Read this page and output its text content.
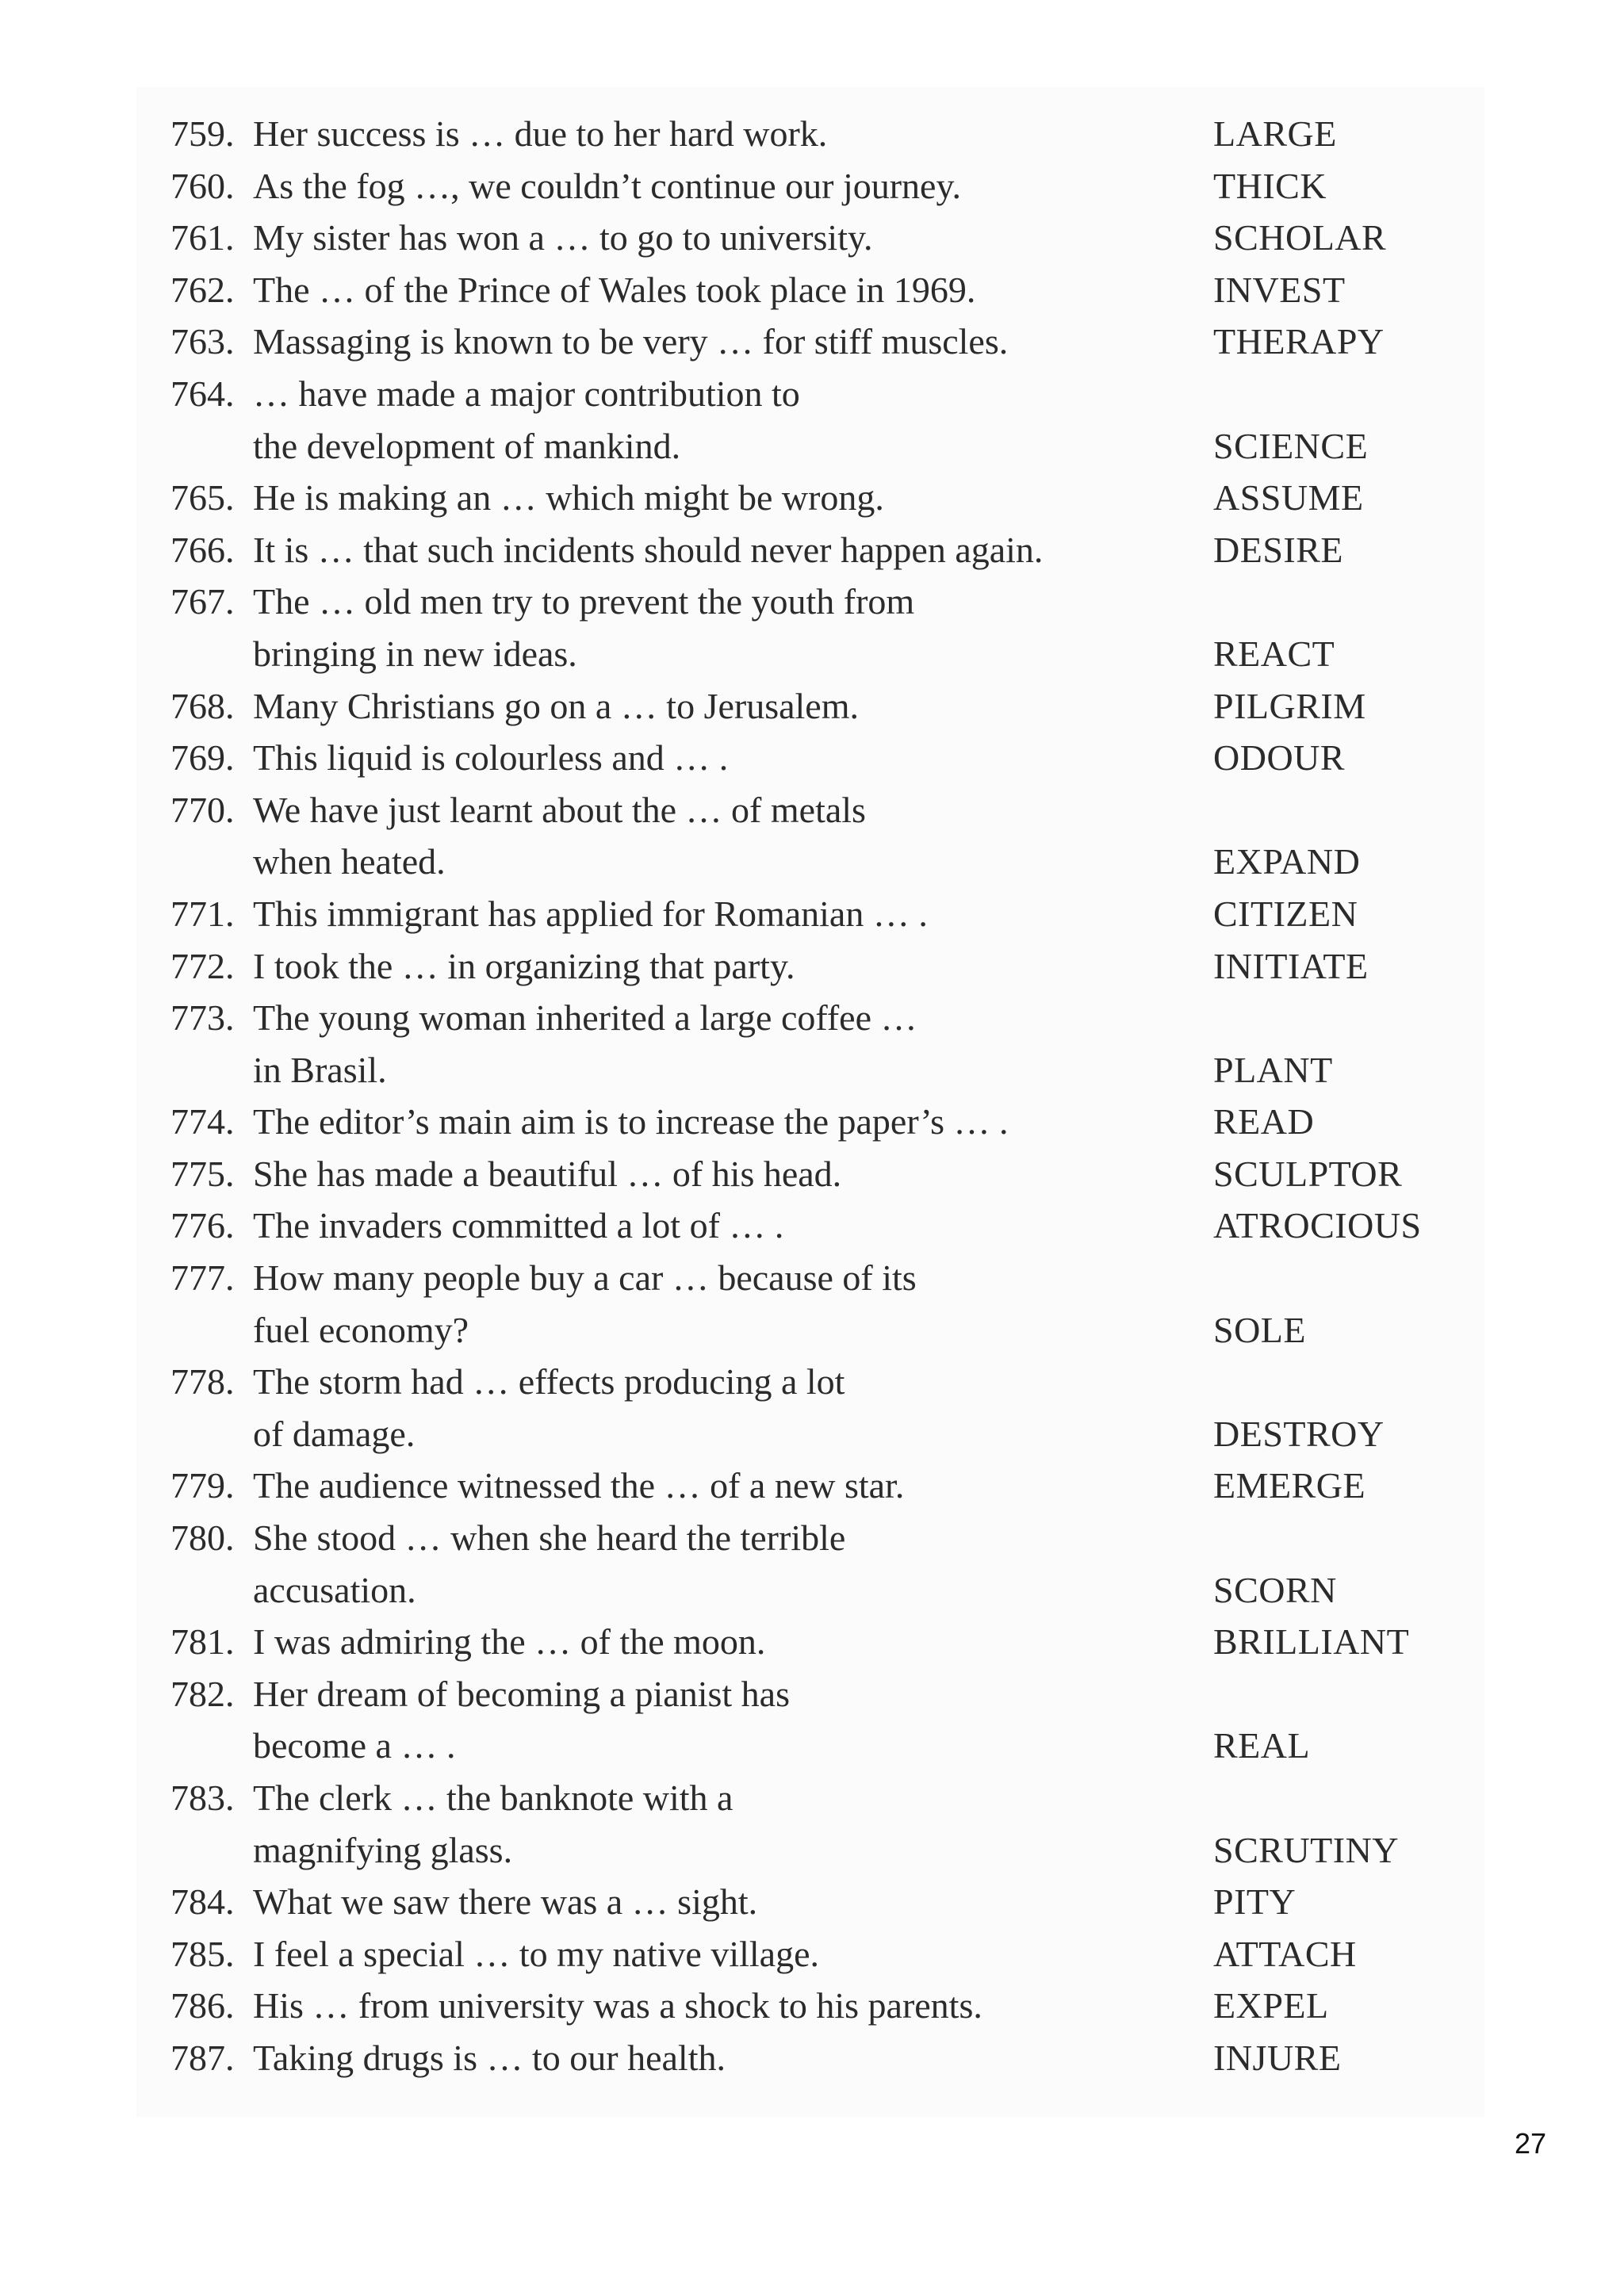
759. Her success is … due to her hard work.	LARGE
760. As the fog …, we couldn’t continue our journey.	THICK
761. My sister has won a … to go to university.	SCHOLAR
762. The … of the Prince of Wales took place in 1969.	INVEST
763. Massaging is known to be very … for stiff muscles.	THERAPY
764. … have made a major contribution to
the development of mankind.	SCIENCE
765. He is making an … which might be wrong.	ASSUME
766. It is … that such incidents should never happen again.	DESIRE
767. The … old men try to prevent the youth from
bringing in new ideas.	REACT
768. Many Christians go on a … to Jerusalem.	PILGRIM
769. This liquid is colourless and … .	ODOUR
770. We have just learnt about the … of metals
when heated.	EXPAND
771. This immigrant has applied for Romanian … .	CITIZEN
772. I took the … in organizing that party.	INITIATE
773. The young woman inherited a large coffee …
in Brasil.	PLANT
774. The editor’s main aim is to increase the paper’s … .	READ
775. She has made a beautiful … of his head.	SCULPTOR
776. The invaders committed a lot of … .	ATROCIOUS
777. How many people buy a car … because of its
fuel economy?	SOLE
778. The storm had … effects producing a lot
of damage.	DESTROY
779. The audience witnessed the … of a new star.	EMERGE
780. She stood … when she heard the terrible
accusation.	SCORN
781. I was admiring the … of the moon.	BRILLIANT
782. Her dream of becoming a pianist has
become a … .	REAL
783. The clerk … the banknote with a
magnifying glass.	SCRUTINY
784. What we saw there was a … sight.	PITY
785. I feel a special … to my native village.	ATTACH
786. His … from university was a shock to his parents.	EXPEL
787. Taking drugs is … to our health.	INJURE
27
